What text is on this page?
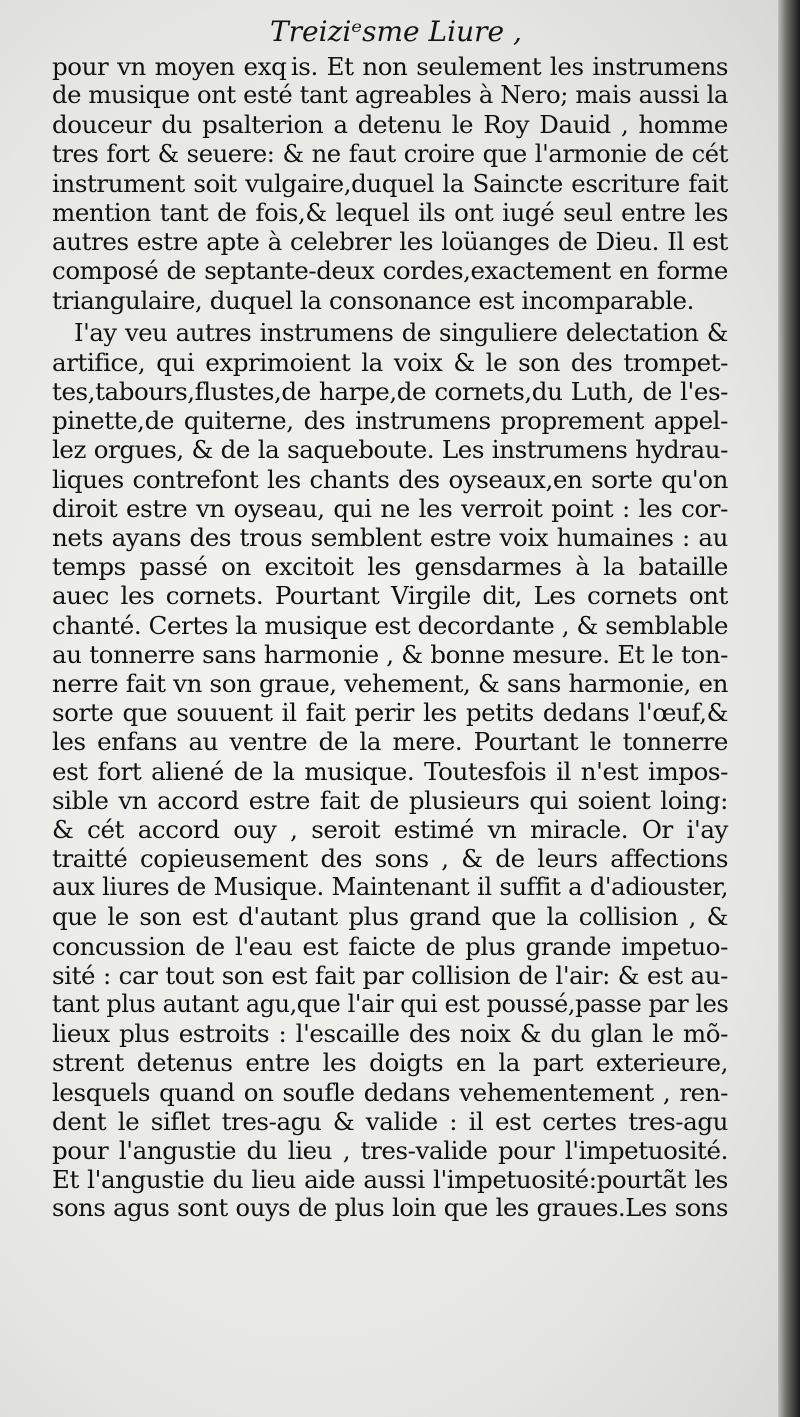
Treiziᵉsme Liure ,
pour vn moyen exq is. Et non seulement les instrumens
de musique ont esté tant agreables à Nero; mais aussi la
douceur du psalterion a detenu le Roy Dauid , homme
tres fort & seuere: & ne faut croire que l'armonie de cét
instrument soit vulgaire,duquel la Saincte escriture fait
mention tant de fois,& lequel ils ont iugé seul entre les
autres estre apte à celebrer les loüanges de Dieu. Il est
composé de septante-deux cordes,exactement en forme
triangulaire, duquel la consonance est incomparable.
I'ay veu autres instrumens de singuliere delectation &
artifice, qui exprimoient la voix & le son des trompet-
tes,tabours,flustes,de harpe,de cornets,du Luth, de l'es-
pinette,de quiterne, des instrumens proprement appel-
lez orgues, & de la saqueboute. Les instrumens hydrau-
liques contrefont les chants des oyseaux,en sorte qu'on
diroit estre vn oyseau, qui ne les verroit point : les cor-
nets ayans des trous semblent estre voix humaines : au
temps passé on excitoit les gensdarmes à la bataille
auec les cornets. Pourtant Virgile dit, Les cornets ont
chanté. Certes la musique est decordante , & semblable
au tonnerre sans harmonie , & bonne mesure. Et le ton-
nerre fait vn son graue, vehement, & sans harmonie, en
sorte que souuent il fait perir les petits dedans l'œuf,&
les enfans au ventre de la mere. Pourtant le tonnerre
est fort aliené de la musique. Toutesfois il n'est impos-
sible vn accord estre fait de plusieurs qui soient loing:
& cét accord ouy , seroit estimé vn miracle. Or i'ay
traitté copieusement des sons , & de leurs affections
aux liures de Musique. Maintenant il suffit a d'adiouster,
que le son est d'autant plus grand que la collision , &
concussion de l'eau est faicte de plus grande impetuo-
sité : car tout son est fait par collision de l'air: & est au-
tant plus autant agu,que l'air qui est poussé,passe par les
lieux plus estroits : l'escaille des noix & du glan le mõ-
strent detenus entre les doigts en la part exterieure,
lesquels quand on soufle dedans vehementement , ren-
dent le siflet tres-agu & valide : il est certes tres-agu
pour l'angustie du lieu , tres-valide pour l'impetuosité.
Et l'angustie du lieu aide aussi l'impetuosité:pourtãt les
sons agus sont ouys de plus loin que les graues.Les sons
